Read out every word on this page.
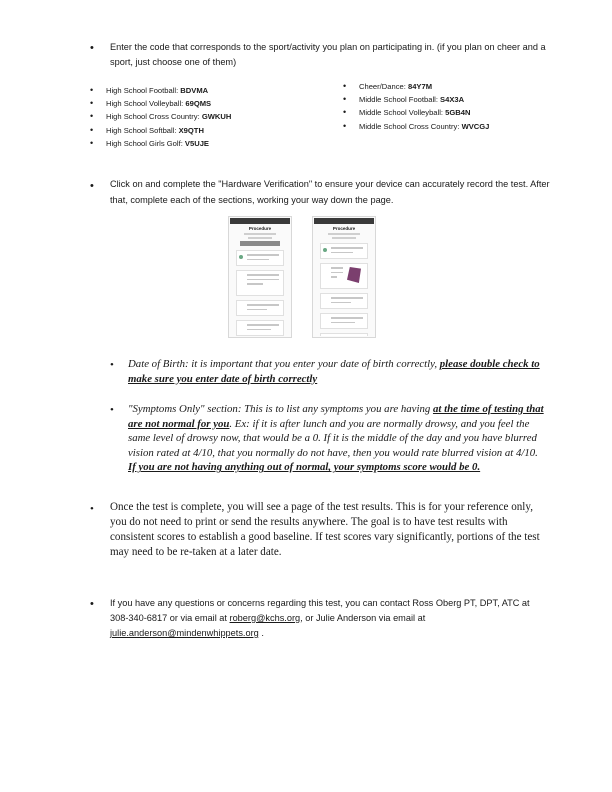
• Enter the code that corresponds to the sport/activity you plan on participating in. (if you plan on cheer and a sport, just choose one of them)
• High School Football: BDVMA
• High School Volleyball: 69QMS
• High School Cross Country: GWKUH
• High School Softball: X9QTH
• High School Girls Golf: V5UJE
• Cheer/Dance: 84Y7M
• Middle School Football: S4X3A
• Middle School Volleyball: 5GB4N
• Middle School Cross Country: WVCGJ
• Click on and complete the "Hardware Verification" to ensure your device can accurately record the test. After that, complete each of the sections, working your way down the page.
Procedure	Procedure
• Date of Birth: it is important that you enter your date of birth correctly, please double check to make sure you enter date of birth correctly
• "Symptoms Only" section: This is to list any symptoms you are having at the time of testing that are not normal for you. Ex: if it is after lunch and you are normally drowsy, and you feel the same level of drowsy now, that would be a 0. If it is the middle of the day and you have blurred vision rated at 4/10, that you normally do not have, then you would rate blurred vision at 4/10. If you are not having anything out of normal, your symptoms score would be 0.
• Once the test is complete, you will see a page of the test results. This is for your reference only, you do not need to print or send the results anywhere. The goal is to have test results with consistent scores to establish a good baseline. If test scores vary significantly, portions of the test may need to be re-taken at a later date.
• If you have any questions or concerns regarding this test, you can contact Ross Oberg PT, DPT, ATC at 308-340-6817 or via email at roberg@kchs.org, or Julie Anderson via email at julie.anderson@mindenwhippets.org .
